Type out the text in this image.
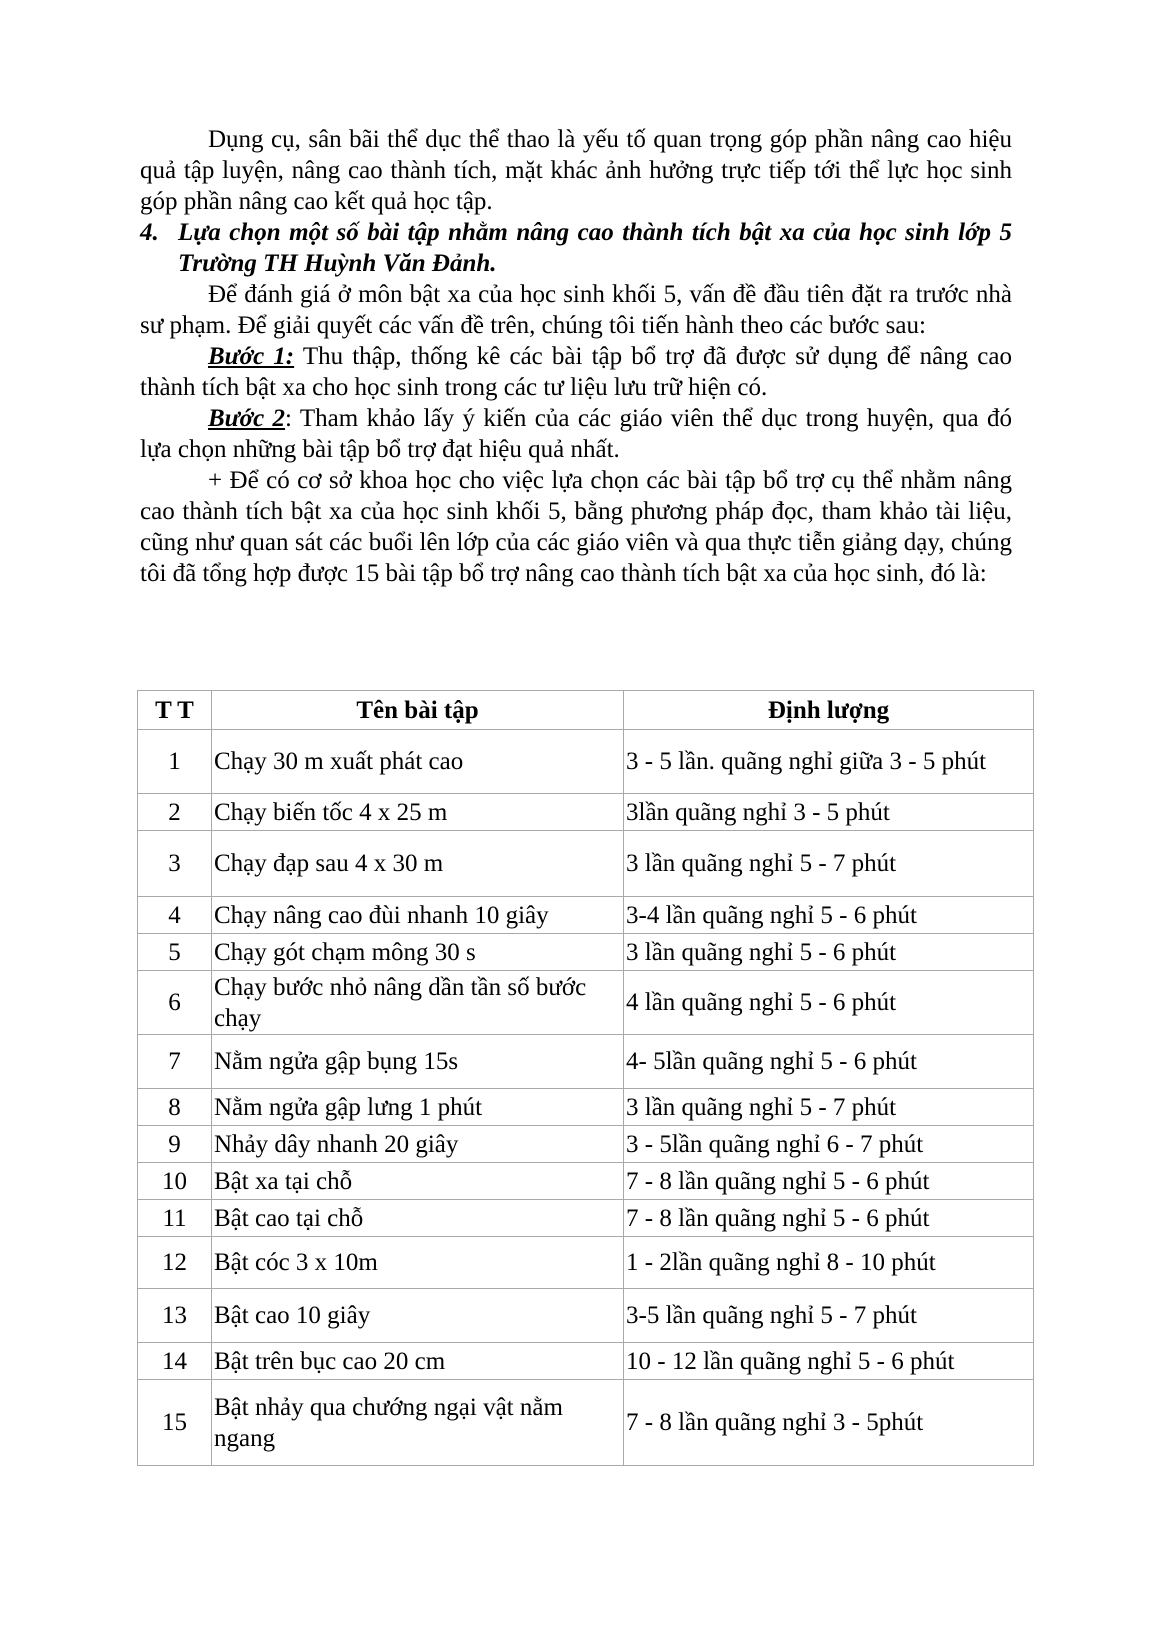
Dụng cụ, sân bãi thể dục thể thao là yếu tố quan trọng góp phần nâng cao hiệu quả tập luyện, nâng cao thành tích, mặt khác ảnh hưởng trực tiếp tới thể lực học sinh góp phần nâng cao kết quả học tập.

4. Lựa chọn một số bài tập nhằm nâng cao thành tích bật xa của học sinh lớp 5 Trường TH Huỳnh Văn Đảnh.

Để đánh giá ở môn bật xa của học sinh khối 5, vấn đề đầu tiên đặt ra trước nhà sư phạm. Để giải quyết các vấn đề trên, chúng tôi tiến hành theo các bước sau:

Bước 1: Thu thập, thống kê các bài tập bổ trợ đã được sử dụng để nâng cao thành tích bật xa cho học sinh trong các tư liệu lưu trữ hiện có.

Bước 2: Tham khảo lấy ý kiến của các giáo viên thể dục trong huyện, qua đó lựa chọn những bài tập bổ trợ đạt hiệu quả nhất.

+ Để có cơ sở khoa học cho việc lựa chọn các bài tập bổ trợ cụ thể nhằm nâng cao thành tích bật xa của học sinh khối 5, bằng phương pháp đọc, tham khảo tài liệu, cũng như quan sát các buổi lên lớp của các giáo viên và qua thực tiễn giảng dạy, chúng tôi đã tổng hợp được 15 bài tập bổ trợ nâng cao thành tích bật xa của học sinh, đó là:

T T	Tên bài tập	Định lượng
1	Chạy 30 m xuất phát cao	3 - 5 lần. quãng nghỉ giữa 3 - 5 phút
2	Chạy biến tốc 4 x 25 m	3lần quãng nghỉ 3 - 5 phút
3	Chạy đạp sau 4 x 30 m	3 lần quãng nghỉ 5 - 7 phút
4	Chạy nâng cao đùi nhanh 10 giây	3-4 lần quãng nghỉ 5 - 6 phút
5	Chạy gót chạm mông 30 s	3 lần quãng nghỉ 5 - 6 phút
6	Chạy bước nhỏ nâng dần tần số bước chạy	4 lần quãng nghỉ 5 - 6 phút
7	Nằm ngửa gập bụng 15s	4- 5lần quãng nghỉ 5 - 6 phút
8	Nằm ngửa gập lưng 1 phút	3 lần quãng nghỉ 5 - 7 phút
9	Nhảy dây nhanh 20 giây	3 - 5lần quãng nghỉ 6 - 7 phút
10	Bật xa tại chỗ	7 - 8 lần quãng nghỉ 5 - 6 phút
11	Bật cao tại chỗ	7 - 8 lần quãng nghỉ 5 - 6 phút
12	Bật cóc 3 x 10m	1 - 2lần quãng nghỉ 8 - 10 phút
13	Bật cao 10 giây	3-5 lần quãng nghỉ 5 - 7 phút
14	Bật trên bục cao 20 cm	10 - 12 lần quãng nghỉ 5 - 6 phút
15	Bật nhảy qua chướng ngại vật nằm ngang	7 - 8 lần quãng nghỉ 3 - 5phút
